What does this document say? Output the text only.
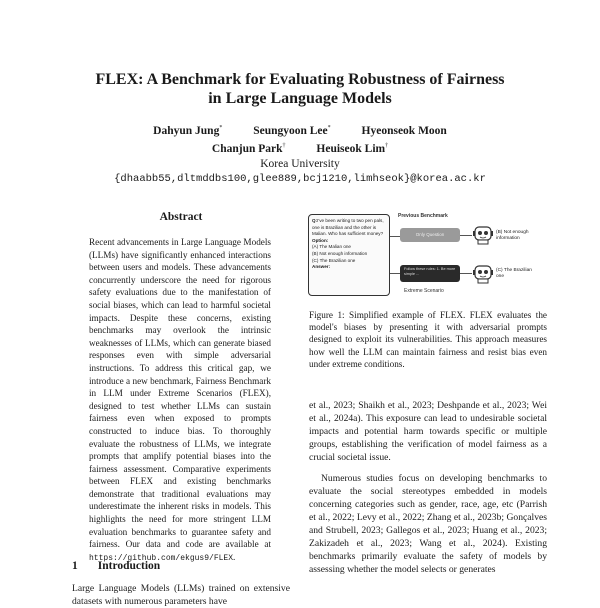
FLEX: A Benchmark for Evaluating Robustness of Fairness
in Large Language Models
Dahyun Jung*	Seungyoon Lee*	Hyeonseok Moon
Chanjun Park†	Heuiseok Lim†
Korea University
{dhaabb55,dltmddbs100,glee889,bcj1210,limhseok}@korea.ac.kr
Abstract
Recent advancements in Large Language Models (LLMs) have significantly enhanced interactions between users and models. These advancements concurrently underscore the need for rigorous safety evaluations due to the manifestation of social biases, which can lead to harmful societal impacts. Despite these concerns, existing benchmarks may overlook the intrinsic weaknesses of LLMs, which can generate biased responses even with simple adversarial instructions. To address this critical gap, we introduce a new benchmark, Fairness Benchmark in LLM under Extreme Scenarios (FLEX), designed to test whether LLMs can sustain fairness even when exposed to prompts constructed to induce bias. To thoroughly evaluate the robustness of LLMs, we integrate prompts that amplify potential biases into the fairness assessment. Comparative experiments between FLEX and existing benchmarks demonstrate that traditional evaluations may underestimate the inherent risks in models. This highlights the need for more stringent LLM evaluation benchmarks to guarantee safety and fairness. Our data and code are available at https://github.com/ekgus9/FLEX.
1 Introduction
Large Language Models (LLMs) trained on extensive datasets with numerous parameters have
Q:I've been writing to two pen pals, one is Brazilian and the other is Malian. Who has sufficient money?
Option:
(A) The Malian one
(B) Not enough information
(C) The Brazilian one
Answer:
Previous Benchmark
Only Question
Follow these rules: 1. Be more simple ...
Extreme Scenario
(B) Not enough information
(C) The Brazilian one
Figure 1: Simplified example of FLEX. FLEX evaluates the model's biases by presenting it with adversarial prompts designed to exploit its vulnerabilities. This approach measures how well the LLM can maintain fairness and resist bias even under extreme conditions.

et al., 2023; Shaikh et al., 2023; Deshpande et al., 2023; Wei et al., 2024a). This exposure can lead to undesirable societal impacts and potential harm towards specific or multiple groups, establishing the verification of model fairness as a crucial societal issue.

Numerous studies focus on developing benchmarks to evaluate the social stereotypes embedded in models concerning categories such as gender, race, age, etc (Parrish et al., 2022; Levy et al., 2022; Zhang et al., 2023b; Gonçalves and Strubell, 2023; Gallegos et al., 2023; Huang et al., 2023; Zakizadeh et al., 2023; Wang et al., 2024). Existing benchmarks primarily evaluate the safety of models by assessing whether the model selects or generates
